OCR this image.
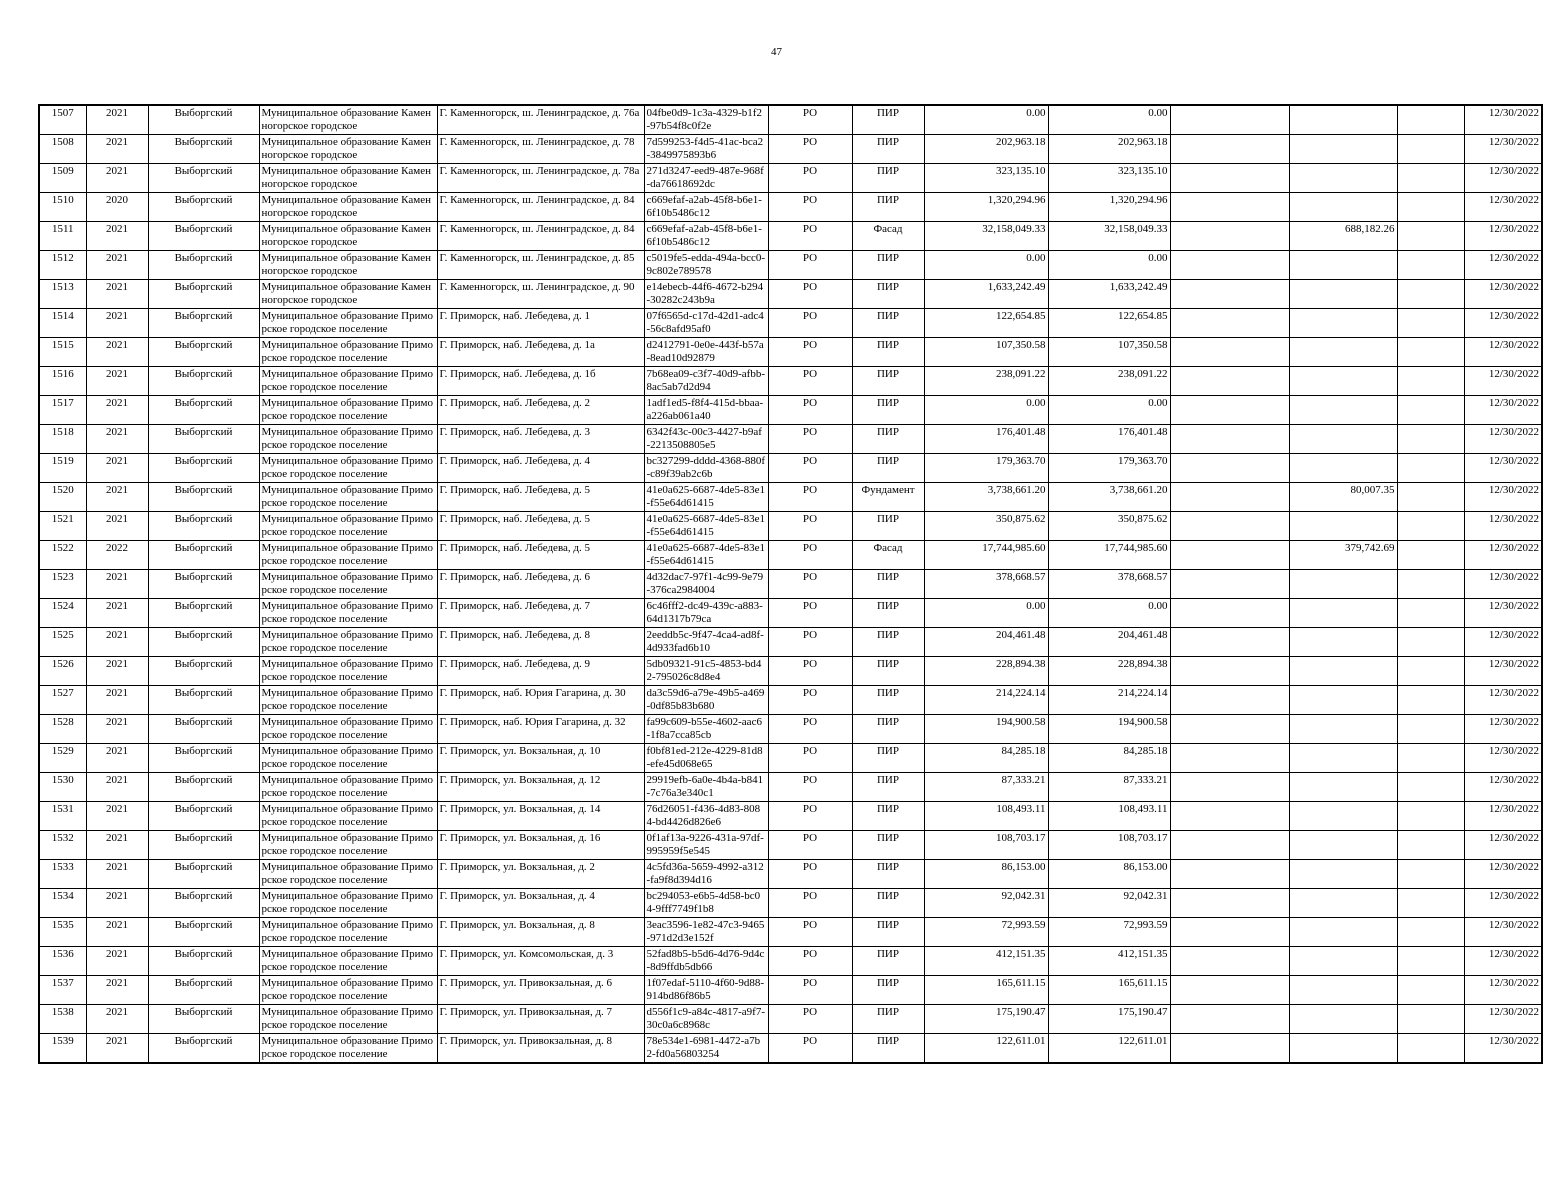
47
1507	2021	Выборгский	Муниципальное образование Каменногорское городское	Г. Каменногорск, ш. Ленинградское, д. 76а	04fbe0d9-1c3a-4329-b1f2-97b54f8c0f2e	РО	ПИР	0.00	0.00				12/30/2022
1508	2021	Выборгский	Муниципальное образование Каменногорское городское	Г. Каменногорск, ш. Ленинградское, д. 78	7d599253-f4d5-41ac-bca2-3849975893b6	РО	ПИР	202,963.18	202,963.18				12/30/2022
1509	2021	Выборгский	Муниципальное образование Каменногорское городское	Г. Каменногорск, ш. Ленинградское, д. 78а	271d3247-eed9-487e-968f-da76618692dc	РО	ПИР	323,135.10	323,135.10				12/30/2022
1510	2020	Выборгский	Муниципальное образование Каменногорское городское	Г. Каменногорск, ш. Ленинградское, д. 84	c669efaf-a2ab-45f8-b6e1-6f10b5486c12	РО	ПИР	1,320,294.96	1,320,294.96				12/30/2022
1511	2021	Выборгский	Муниципальное образование Каменногорское городское	Г. Каменногорск, ш. Ленинградское, д. 84	c669efaf-a2ab-45f8-b6e1-6f10b5486c12	РО	Фасад	32,158,049.33	32,158,049.33		688,182.26		12/30/2022
1512	2021	Выборгский	Муниципальное образование Каменногорское городское	Г. Каменногорск, ш. Ленинградское, д. 85	c5019fe5-edda-494a-bcc0-9c802e789578	РО	ПИР	0.00	0.00				12/30/2022
1513	2021	Выборгский	Муниципальное образование Каменногорское городское	Г. Каменногорск, ш. Ленинградское, д. 90	e14ebecb-44f6-4672-b294-30282c243b9a	РО	ПИР	1,633,242.49	1,633,242.49				12/30/2022
1514	2021	Выборгский	Муниципальное образование Приморское городское поселение	Г. Приморск, наб. Лебедева, д. 1	07f6565d-c17d-42d1-adc4-56c8afd95af0	РО	ПИР	122,654.85	122,654.85				12/30/2022
1515	2021	Выборгский	Муниципальное образование Приморское городское поселение	Г. Приморск, наб. Лебедева, д. 1а	d2412791-0e0e-443f-b57a-8ead10d92879	РО	ПИР	107,350.58	107,350.58				12/30/2022
1516	2021	Выборгский	Муниципальное образование Приморское городское поселение	Г. Приморск, наб. Лебедева, д. 1б	7b68ea09-c3f7-40d9-afbb-8ac5ab7d2d94	РО	ПИР	238,091.22	238,091.22				12/30/2022
1517	2021	Выборгский	Муниципальное образование Приморское городское поселение	Г. Приморск, наб. Лебедева, д. 2	1adf1ed5-f8f4-415d-bbaa-a226ab061a40	РО	ПИР	0.00	0.00				12/30/2022
1518	2021	Выборгский	Муниципальное образование Приморское городское поселение	Г. Приморск, наб. Лебедева, д. 3	6342f43c-00c3-4427-b9af-2213508805e5	РО	ПИР	176,401.48	176,401.48				12/30/2022
1519	2021	Выборгский	Муниципальное образование Приморское городское поселение	Г. Приморск, наб. Лебедева, д. 4	bc327299-dddd-4368-880f-c89f39ab2c6b	РО	ПИР	179,363.70	179,363.70				12/30/2022
1520	2021	Выборгский	Муниципальное образование Приморское городское поселение	Г. Приморск, наб. Лебедева, д. 5	41e0a625-6687-4de5-83e1-f55e64d61415	РО	Фундамент	3,738,661.20	3,738,661.20		80,007.35		12/30/2022
1521	2021	Выборгский	Муниципальное образование Приморское городское поселение	Г. Приморск, наб. Лебедева, д. 5	41e0a625-6687-4de5-83e1-f55e64d61415	РО	ПИР	350,875.62	350,875.62				12/30/2022
1522	2022	Выборгский	Муниципальное образование Приморское городское поселение	Г. Приморск, наб. Лебедева, д. 5	41e0a625-6687-4de5-83e1-f55e64d61415	РО	Фасад	17,744,985.60	17,744,985.60		379,742.69		12/30/2022
1523	2021	Выборгский	Муниципальное образование Приморское городское поселение	Г. Приморск, наб. Лебедева, д. 6	4d32dac7-97f1-4c99-9e79-376ca2984004	РО	ПИР	378,668.57	378,668.57				12/30/2022
1524	2021	Выборгский	Муниципальное образование Приморское городское поселение	Г. Приморск, наб. Лебедева, д. 7	6c46fff2-dc49-439c-a883-64d1317b79ca	РО	ПИР	0.00	0.00				12/30/2022
1525	2021	Выборгский	Муниципальное образование Приморское городское поселение	Г. Приморск, наб. Лебедева, д. 8	2eeddb5c-9f47-4ca4-ad8f-4d933fad6b10	РО	ПИР	204,461.48	204,461.48				12/30/2022
1526	2021	Выборгский	Муниципальное образование Приморское городское поселение	Г. Приморск, наб. Лебедева, д. 9	5db09321-91c5-4853-bd42-795026c8d8e4	РО	ПИР	228,894.38	228,894.38				12/30/2022
1527	2021	Выборгский	Муниципальное образование Приморское городское поселение	Г. Приморск, наб. Юрия Гагарина, д. 30	da3c59d6-a79e-49b5-a469-0df85b83b680	РО	ПИР	214,224.14	214,224.14				12/30/2022
1528	2021	Выборгский	Муниципальное образование Приморское городское поселение	Г. Приморск, наб. Юрия Гагарина, д. 32	fa99c609-b55e-4602-aac6-1f8a7cca85cb	РО	ПИР	194,900.58	194,900.58				12/30/2022
1529	2021	Выборгский	Муниципальное образование Приморское городское поселение	Г. Приморск, ул. Вокзальная, д. 10	f0bf81ed-212e-4229-81d8-efe45d068e65	РО	ПИР	84,285.18	84,285.18				12/30/2022
1530	2021	Выборгский	Муниципальное образование Приморское городское поселение	Г. Приморск, ул. Вокзальная, д. 12	29919efb-6a0e-4b4a-b841-7c76a3e340c1	РО	ПИР	87,333.21	87,333.21				12/30/2022
1531	2021	Выборгский	Муниципальное образование Приморское городское поселение	Г. Приморск, ул. Вокзальная, д. 14	76d26051-f436-4d83-8084-bd4426d826e6	РО	ПИР	108,493.11	108,493.11				12/30/2022
1532	2021	Выборгский	Муниципальное образование Приморское городское поселение	Г. Приморск, ул. Вокзальная, д. 16	0f1af13a-9226-431a-97df-995959f5e545	РО	ПИР	108,703.17	108,703.17				12/30/2022
1533	2021	Выборгский	Муниципальное образование Приморское городское поселение	Г. Приморск, ул. Вокзальная, д. 2	4c5fd36a-5659-4992-a312-fa9f8d394d16	РО	ПИР	86,153.00	86,153.00				12/30/2022
1534	2021	Выборгский	Муниципальное образование Приморское городское поселение	Г. Приморск, ул. Вокзальная, д. 4	bc294053-e6b5-4d58-bc04-9fff7749f1b8	РО	ПИР	92,042.31	92,042.31				12/30/2022
1535	2021	Выборгский	Муниципальное образование Приморское городское поселение	Г. Приморск, ул. Вокзальная, д. 8	3eac3596-1e82-47c3-9465-971d2d3e152f	РО	ПИР	72,993.59	72,993.59				12/30/2022
1536	2021	Выборгский	Муниципальное образование Приморское городское поселение	Г. Приморск, ул. Комсомольская, д. 3	52fad8b5-b5d6-4d76-9d4c-8d9ffdb5db66	РО	ПИР	412,151.35	412,151.35				12/30/2022
1537	2021	Выборгский	Муниципальное образование Приморское городское поселение	Г. Приморск, ул. Привокзальная, д. 6	1f07edaf-5110-4f60-9d88-914bd86f86b5	РО	ПИР	165,611.15	165,611.15				12/30/2022
1538	2021	Выборгский	Муниципальное образование Приморское городское поселение	Г. Приморск, ул. Привокзальная, д. 7	d556f1c9-a84c-4817-a9f7-30c0a6c8968c	РО	ПИР	175,190.47	175,190.47				12/30/2022
1539	2021	Выборгский	Муниципальное образование Приморское городское поселение	Г. Приморск, ул. Привокзальная, д. 8	78e534e1-6981-4472-a7b2-fd0a56803254	РО	ПИР	122,611.01	122,611.01				12/30/2022
